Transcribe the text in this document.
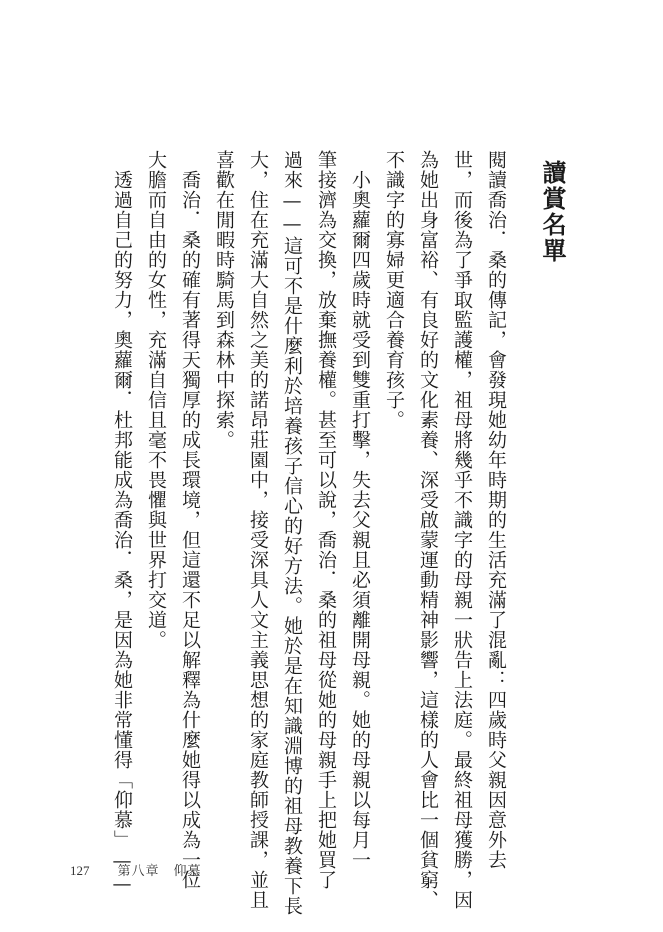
讀賞名單
閱讀喬治．桑的傳記，會發現她幼年時期的生活充滿了混亂：四歲時父親因意外去
世，而後為了爭取監護權，祖母將幾乎不識字的母親一狀告上法庭。最終祖母獲勝，因
為她出身富裕、有良好的文化素養、深受啟蒙運動精神影響，這樣的人會比一個貧窮、
不識字的寡婦更適合養育孩子。
　小奧蘿爾四歲時就受到雙重打擊，失去父親且必須離開母親。她的母親以每月一
筆接濟為交換，放棄撫養權。甚至可以說，喬治．桑的祖母從她的母親手上把她買了
過來——這可不是什麼利於培養孩子信心的好方法。她於是在知識淵博的祖母教養下長
大，住在充滿大自然之美的諾昂莊園中，接受深具人文主義思想的家庭教師授課，並且
喜歡在閒暇時騎馬到森林中探索。
　喬治．桑的確有著得天獨厚的成長環境，但這還不足以解釋為什麼她得以成為一位
大膽而自由的女性，充滿自信且毫不畏懼與世界打交道。
　透過自己的努力，奧蘿爾．杜邦能成為喬治．桑，是因為她非常懂得「仰慕」——
127 第八章　仰慕
